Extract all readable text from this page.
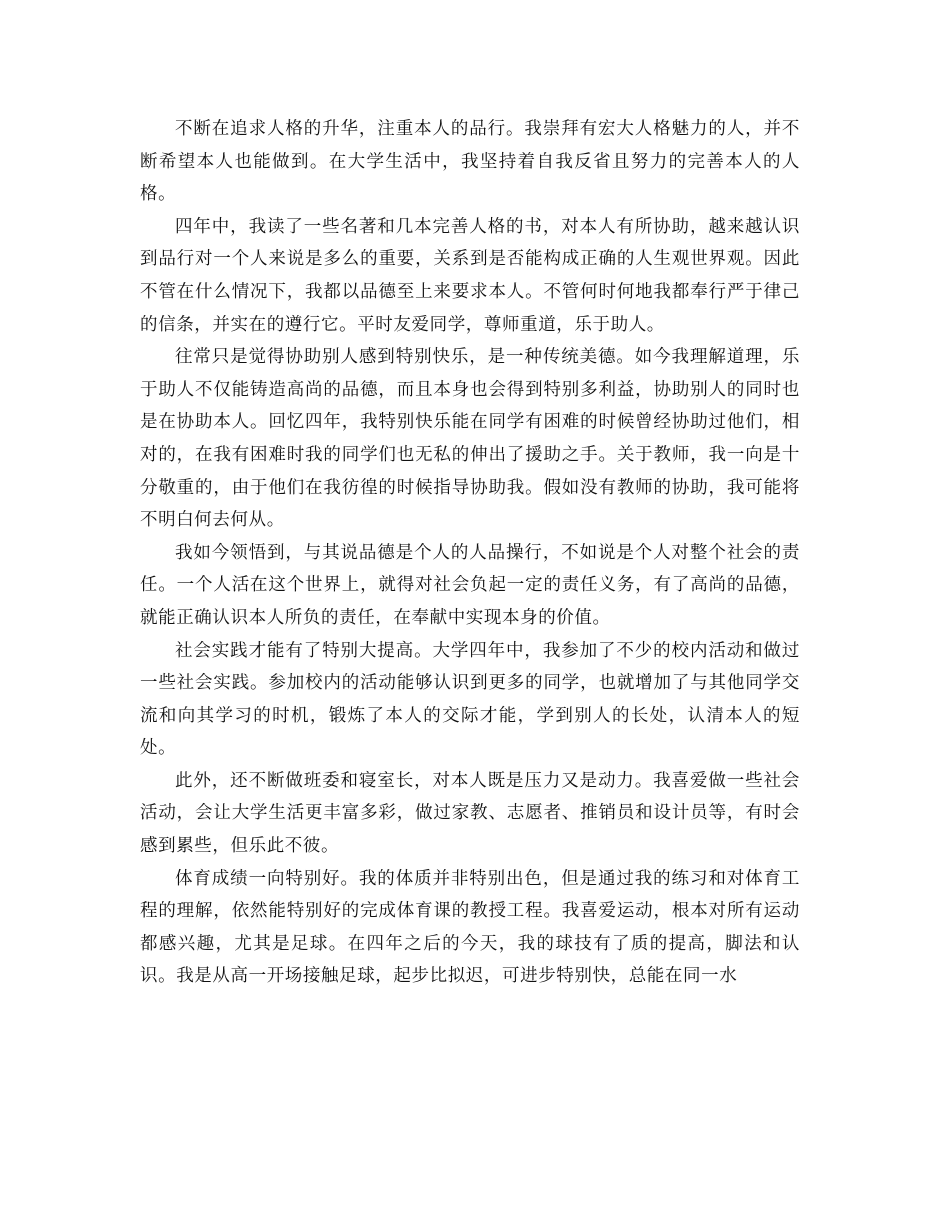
不断在追求人格的升华，注重本人的品行。我崇拜有宏大人格魅力的人，并不断希望本人也能做到。在大学生活中，我坚持着自我反省且努力的完善本人的人格。

四年中，我读了一些名著和几本完善人格的书，对本人有所协助，越来越认识到品行对一个人来说是多么的重要，关系到是否能构成正确的人生观世界观。因此不管在什么情况下，我都以品德至上来要求本人。不管何时何地我都奉行严于律己的信条，并实在的遵行它。平时友爱同学，尊师重道，乐于助人。

往常只是觉得协助别人感到特别快乐，是一种传统美德。如今我理解道理，乐于助人不仅能铸造高尚的品德，而且本身也会得到特别多利益，协助别人的同时也是在协助本人。回忆四年，我特别快乐能在同学有困难的时候曾经协助过他们，相对的，在我有困难时我的同学们也无私的伸出了援助之手。关于教师，我一向是十分敬重的，由于他们在我彷徨的时候指导协助我。假如没有教师的协助，我可能将不明白何去何从。

我如今领悟到，与其说品德是个人的人品操行，不如说是个人对整个社会的责任。一个人活在这个世界上，就得对社会负起一定的责任义务，有了高尚的品德，就能正确认识本人所负的责任，在奉献中实现本身的价值。

社会实践才能有了特别大提高。大学四年中，我参加了不少的校内活动和做过一些社会实践。参加校内的活动能够认识到更多的同学，也就增加了与其他同学交流和向其学习的时机，锻炼了本人的交际才能，学到别人的长处，认清本人的短处。

此外，还不断做班委和寝室长，对本人既是压力又是动力。我喜爱做一些社会活动，会让大学生活更丰富多彩，做过家教、志愿者、推销员和设计员等，有时会感到累些，但乐此不彼。

体育成绩一向特别好。我的体质并非特别出色，但是通过我的练习和对体育工程的理解，依然能特别好的完成体育课的教授工程。我喜爱运动，根本对所有运动都感兴趣，尤其是足球。在四年之后的今天，我的球技有了质的提高，脚法和认识。我是从高一开场接触足球，起步比拟迟，可进步特别快，总能在同一水
